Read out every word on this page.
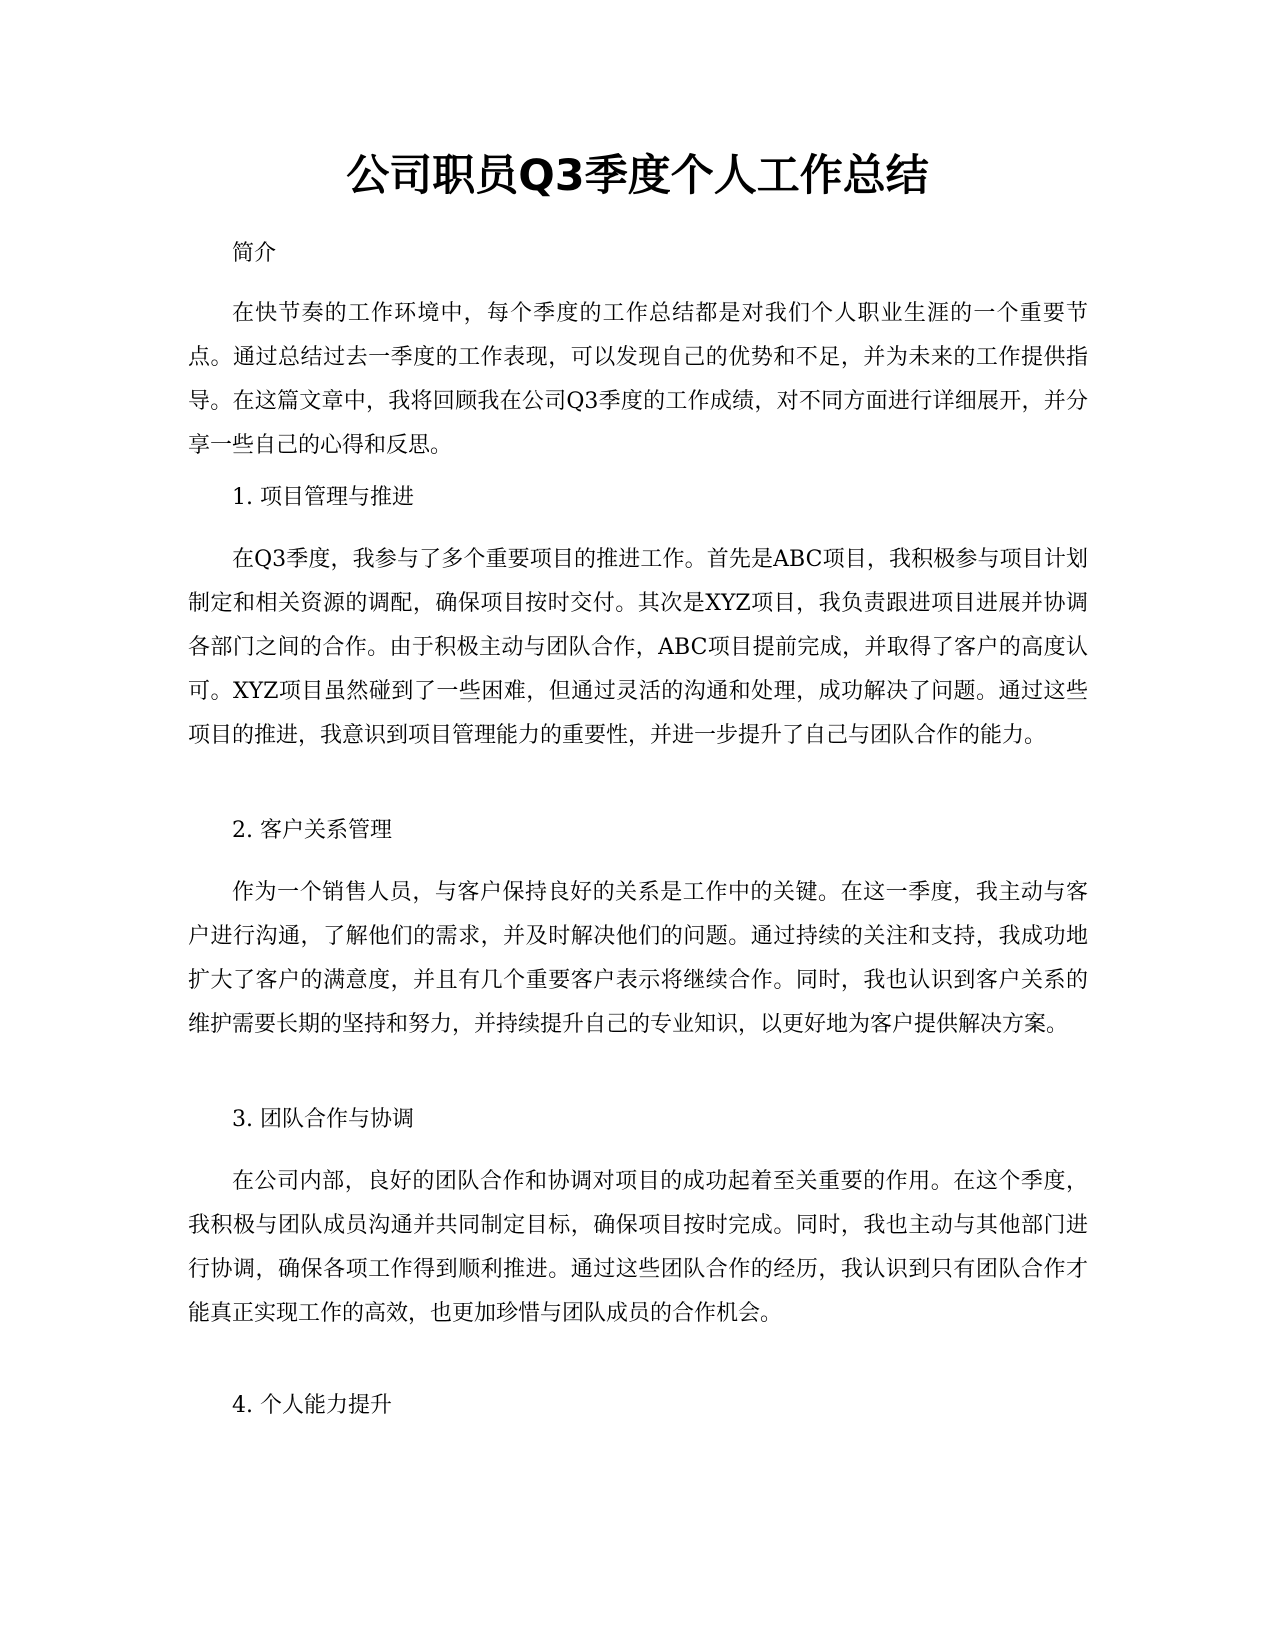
公司职员Q3季度个人工作总结

简介

在快节奏的工作环境中，每个季度的工作总结都是对我们个人职业生涯的一个重要节点。通过总结过去一季度的工作表现，可以发现自己的优势和不足，并为未来的工作提供指导。在这篇文章中，我将回顾我在公司Q3季度的工作成绩，对不同方面进行详细展开，并分享一些自己的心得和反思。

1. 项目管理与推进

在Q3季度，我参与了多个重要项目的推进工作。首先是ABC项目，我积极参与项目计划制定和相关资源的调配，确保项目按时交付。其次是XYZ项目，我负责跟进项目进展并协调各部门之间的合作。由于积极主动与团队合作，ABC项目提前完成，并取得了客户的高度认可。XYZ项目虽然碰到了一些困难，但通过灵活的沟通和处理，成功解决了问题。通过这些项目的推进，我意识到项目管理能力的重要性，并进一步提升了自己与团队合作的能力。

2. 客户关系管理

作为一个销售人员，与客户保持良好的关系是工作中的关键。在这一季度，我主动与客户进行沟通，了解他们的需求，并及时解决他们的问题。通过持续的关注和支持，我成功地扩大了客户的满意度，并且有几个重要客户表示将继续合作。同时，我也认识到客户关系的维护需要长期的坚持和努力，并持续提升自己的专业知识，以更好地为客户提供解决方案。

3. 团队合作与协调

在公司内部，良好的团队合作和协调对项目的成功起着至关重要的作用。在这个季度，我积极与团队成员沟通并共同制定目标，确保项目按时完成。同时，我也主动与其他部门进行协调，确保各项工作得到顺利推进。通过这些团队合作的经历，我认识到只有团队合作才能真正实现工作的高效，也更加珍惜与团队成员的合作机会。

4. 个人能力提升
